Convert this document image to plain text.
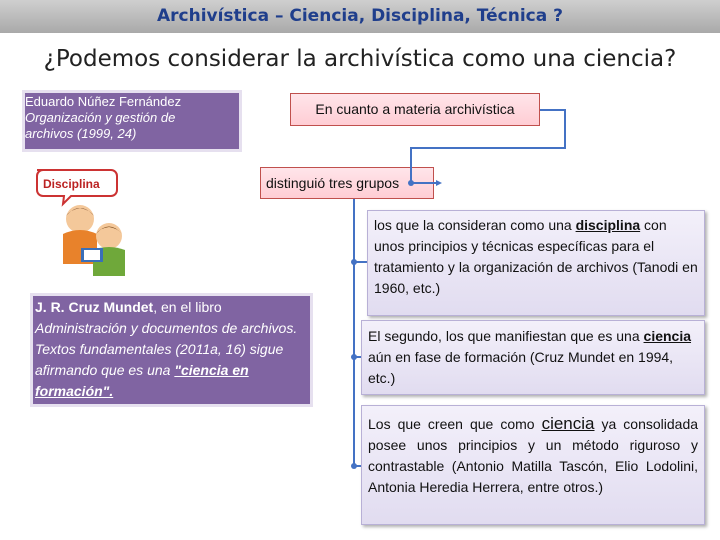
Archivística – Ciencia, Disciplina, Técnica ?
¿Podemos considerar la archivística como una ciencia?
Eduardo Núñez Fernández
Organización y gestión de
archivos (1999, 24)
En cuanto a materia archivística
distinguió tres grupos
Disciplina
J. R. Cruz Mundet, en el libro Administración y documentos de archivos. Textos fundamentales (2011a, 16) sigue afirmando que es una "ciencia en formación".
los que la consideran como una disciplina con unos principios y técnicas específicas para el tratamiento y la organización de archivos (Tanodi en 1960, etc.)
El segundo, los que manifiestan que es una ciencia aún en fase de formación (Cruz Mundet en 1994, etc.)
Los que creen que como ciencia ya consolidada posee unos principios y un método riguroso y contrastable (Antonio Matilla Tascón, Elio Lodolini, Antonia Heredia Herrera, entre otros.)
